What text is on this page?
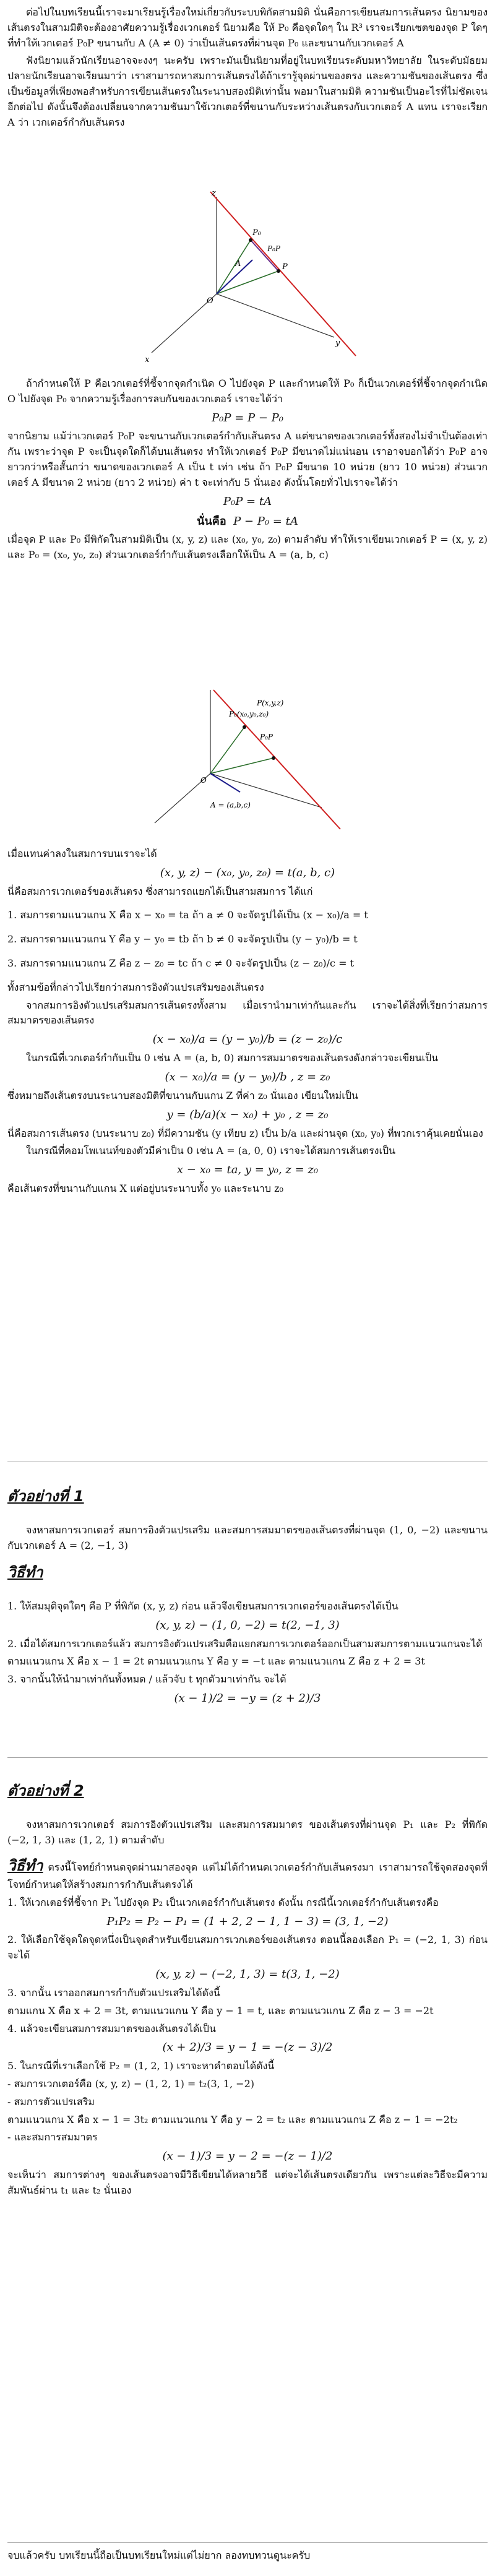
ต่อไปในบทเรียนนี้เราจะมาเรียนรู้เรื่องใหม่เกี่ยวกับระบบพิกัดสามมิติ นั่นคือการเขียนสมการเส้นตรง นิยามของเส้นตรงในสามมิติจะต้องอาศัยความรู้เรื่องเวกเตอร์ นิยามคือ ให้ P₀ คือจุดใดๆ ใน R³ เราจะเรียกเซตของจุด P ใดๆ ที่ทำให้เวกเตอร์ P₀P ขนานกับ A (A ≠ 0) ว่าเป็นเส้นตรงที่ผ่านจุด P₀ และขนานกับเวกเตอร์ A

ฟังนิยามแล้วนักเรียนอาจจะงงๆ นะครับ เพราะมันเป็นนิยามที่อยู่ในบทเรียนระดับมหาวิทยาลัย ในระดับมัธยมปลายนักเรียนอาจเรียนมาว่า เราสามารถหาสมการเส้นตรงได้ถ้าเรารู้จุดผ่านของตรง และความชันของเส้นตรง ซึ่งเป็นข้อมูลที่เพียงพอสำหรับการเขียนเส้นตรงในระนาบสองมิติเท่านั้น พอมาในสามมิติ ความชันเป็นอะไรที่ไม่ชัดเจนอีกต่อไป ดังนั้นจึงต้องเปลี่ยนจากความชันมาใช้เวกเตอร์ที่ขนานกับระหว่างเส้นตรงกับเวกเตอร์ A แทน เราจะเรียก A ว่า เวกเตอร์กำกับเส้นตรง

z
y
x
O
P
P₀
A
P₀P

ถ้ากำหนดให้ P คือเวกเตอร์ที่ชี้จากจุดกำเนิด O ไปยังจุด P และกำหนดให้ P₀ ก็เป็นเวกเตอร์ที่ชี้จากจุดกำเนิด O ไปยังจุด P₀ จากความรู้เรื่องการลบกันของเวกเตอร์ เราจะได้ว่า

P₀P = P − P₀

จากนิยาม แม้ว่าเวกเตอร์ P₀P จะขนานกับเวกเตอร์กำกับเส้นตรง A แต่ขนาดของเวกเตอร์ทั้งสองไม่จำเป็นต้องเท่ากัน เพราะว่าจุด P จะเป็นจุดใดก็ได้บนเส้นตรง ทำให้เวกเตอร์ P₀P มีขนาดไม่แน่นอน เราอาจบอกได้ว่า P₀P อาจยาวกว่าหรือสั้นกว่า ขนาดของเวกเตอร์ A เป็น t เท่า เช่น ถ้า P₀P มีขนาด 10 หน่วย (ยาว 10 หน่วย) ส่วนเวกเตอร์ A มีขนาด 2 หน่วย (ยาว 2 หน่วย) ค่า t จะเท่ากับ 5 นั่นเอง ดังนั้นโดยทั่วไปเราจะได้ว่า

P₀P = tA

นั่นคือ P − P₀ = tA

เมื่อจุด P และ P₀ มีพิกัดในสามมิติเป็น (x, y, z) และ (x₀, y₀, z₀) ตามลำดับ ทำให้เราเขียนเวกเตอร์ P = (x, y, z) และ P₀ = (x₀, y₀, z₀) ส่วนเวกเตอร์กำกับเส้นตรงเลือกให้เป็น A = (a, b, c)

P(x,y,z)
P₀(x₀,y₀,z₀)
P₀P
A = (a,b,c)
O

เมื่อแทนค่าลงในสมการบนเราจะได้

(x, y, z) − (x₀, y₀, z₀) = t(a, b, c)

นี่คือสมการเวกเตอร์ของเส้นตรง ซึ่งสามารถแยกได้เป็นสามสมการ ได้แก่

1. สมการตามแนวแกน X คือ x − x₀ = ta ถ้า a ≠ 0 จะจัดรูปได้เป็น (x − x₀)/a = t

2. สมการตามแนวแกน Y คือ y − y₀ = tb ถ้า b ≠ 0 จะจัดรูปเป็น (y − y₀)/b = t

3. สมการตามแนวแกน Z คือ z − z₀ = tc ถ้า c ≠ 0 จะจัดรูปเป็น (z − z₀)/c = t

ทั้งสามข้อที่กล่าวไปเรียกว่าสมการอิงตัวแปรเสริมของเส้นตรง

จากสมการอิงตัวแปรเสริมสมการเส้นตรงทั้งสาม เมื่อเรานำมาเท่ากันและกัน เราจะได้สิ่งที่เรียกว่าสมการสมมาตรของเส้นตรง

(x − x₀)/a = (y − y₀)/b = (z − z₀)/c

ในกรณีที่เวกเตอร์กำกับเป็น 0 เช่น A = (a, b, 0) สมการสมมาตรของเส้นตรงดังกล่าวจะเขียนเป็น

(x − x₀)/a = (y − y₀)/b , z = z₀

ซึ่งหมายถึงเส้นตรงบนระนาบสองมิติที่ขนานกับแกน Z ที่ค่า z₀ นั่นเอง เขียนใหม่เป็น

y = (b/a)(x − x₀) + y₀ , z = z₀

นี่คือสมการเส้นตรง (บนระนาบ z₀) ที่มีความชัน (y เทียบ z) เป็น b/a และผ่านจุด (x₀, y₀) ที่พวกเราคุ้นเคยนั่นเอง

ในกรณีที่คอมโพเนนท์ของตัวมีค่าเป็น 0 เช่น A = (a, 0, 0) เราจะได้สมการเส้นตรงเป็น

x − x₀ = ta, y = y₀, z = z₀

คือเส้นตรงที่ขนานกับแกน X แต่อยู่บนระนาบทั้ง y₀ และระนาบ z₀

ตัวอย่างที่ 1

จงหาสมการเวกเตอร์ สมการอิงตัวแปรเสริม และสมการสมมาตรของเส้นตรงที่ผ่านจุด (1, 0, −2) และขนานกับเวกเตอร์ A = (2, −1, 3)

วิธีทำ

1. ให้สมมุติจุดใดๆ คือ P ที่พิกัด (x, y, z) ก่อน แล้วจึงเขียนสมการเวกเตอร์ของเส้นตรงได้เป็น

(x, y, z) − (1, 0, −2) = t(2, −1, 3)

2. เมื่อได้สมการเวกเตอร์แล้ว สมการอิงตัวแปรเสริมคือแยกสมการเวกเตอร์ออกเป็นสามสมการตามแนวแกนจะได้

ตามแนวแกน X คือ x − 1 = 2t ตามแนวแกน Y คือ y = −t และ ตามแนวแกน Z คือ z + 2 = 3t

3. จากนั้นให้นำมาเท่ากันทั้งหมด / แล้วจับ t ทุกตัวมาเท่ากัน จะได้

(x − 1)/2 = −y = (z + 2)/3

ตัวอย่างที่ 2

จงหาสมการเวกเตอร์ สมการอิงตัวแปรเสริม และสมการสมมาตร ของเส้นตรงที่ผ่านจุด P₁ และ P₂ ที่พิกัด (−2, 1, 3) และ (1, 2, 1) ตามลำดับ

วิธีทำ ตรงนี้โจทย์กำหนดจุดผ่านมาสองจุด แต่ไม่ได้กำหนดเวกเตอร์กำกับเส้นตรงมา เราสามารถใช้จุดสองจุดที่โจทย์กำหนดให้สร้างสมการกำกับเส้นตรงได้

1. ให้เวกเตอร์ที่ชี้จาก P₁ ไปยังจุด P₂ เป็นเวกเตอร์กำกับเส้นตรง ดังนั้น กรณีนี้เวกเตอร์กำกับเส้นตรงคือ

P₁P₂ = P₂ − P₁ = (1 + 2, 2 − 1, 1 − 3) = (3, 1, −2)

2. ให้เลือกใช้จุดใดจุดหนึ่งเป็นจุดสำหรับเขียนสมการเวกเตอร์ของเส้นตรง ตอนนี้ลองเลือก P₁ = (−2, 1, 3) ก่อน จะได้

(x, y, z) − (−2, 1, 3) = t(3, 1, −2)

3. จากนั้น เราออกสมการกำกับตัวแปรเสริมได้ดังนี้

ตามแกน X คือ x + 2 = 3t, ตามแนวแกน Y คือ y − 1 = t, และ ตามแนวแกน Z คือ z − 3 = −2t

4. แล้วจะเขียนสมการสมมาตรของเส้นตรงได้เป็น

(x + 2)/3 = y − 1 = −(z − 3)/2

5. ในกรณีที่เราเลือกใช้ P₂ = (1, 2, 1) เราจะหาคำตอบได้ดังนี้

- สมการเวกเตอร์คือ (x, y, z) − (1, 2, 1) = t₂(3, 1, −2)

- สมการตัวแปรเสริม

ตามแนวแกน X คือ x − 1 = 3t₂ ตามแนวแกน Y คือ y − 2 = t₂ และ ตามแนวแกน Z คือ z − 1 = −2t₂

- และสมการสมมาตร

(x − 1)/3 = y − 2 = −(z − 1)/2

จะเห็นว่า สมการต่างๆ ของเส้นตรงอาจมีวิธีเขียนได้หลายวิธี แต่จะได้เส้นตรงเดียวกัน เพราะแต่ละวิธีจะมีความสัมพันธ์ผ่าน t₁ และ t₂ นั่นเอง

จบแล้วครับ บทเรียนนี้ถือเป็นบทเรียนใหม่แต่ไม่ยาก ลองทบทวนดูนะครับ
